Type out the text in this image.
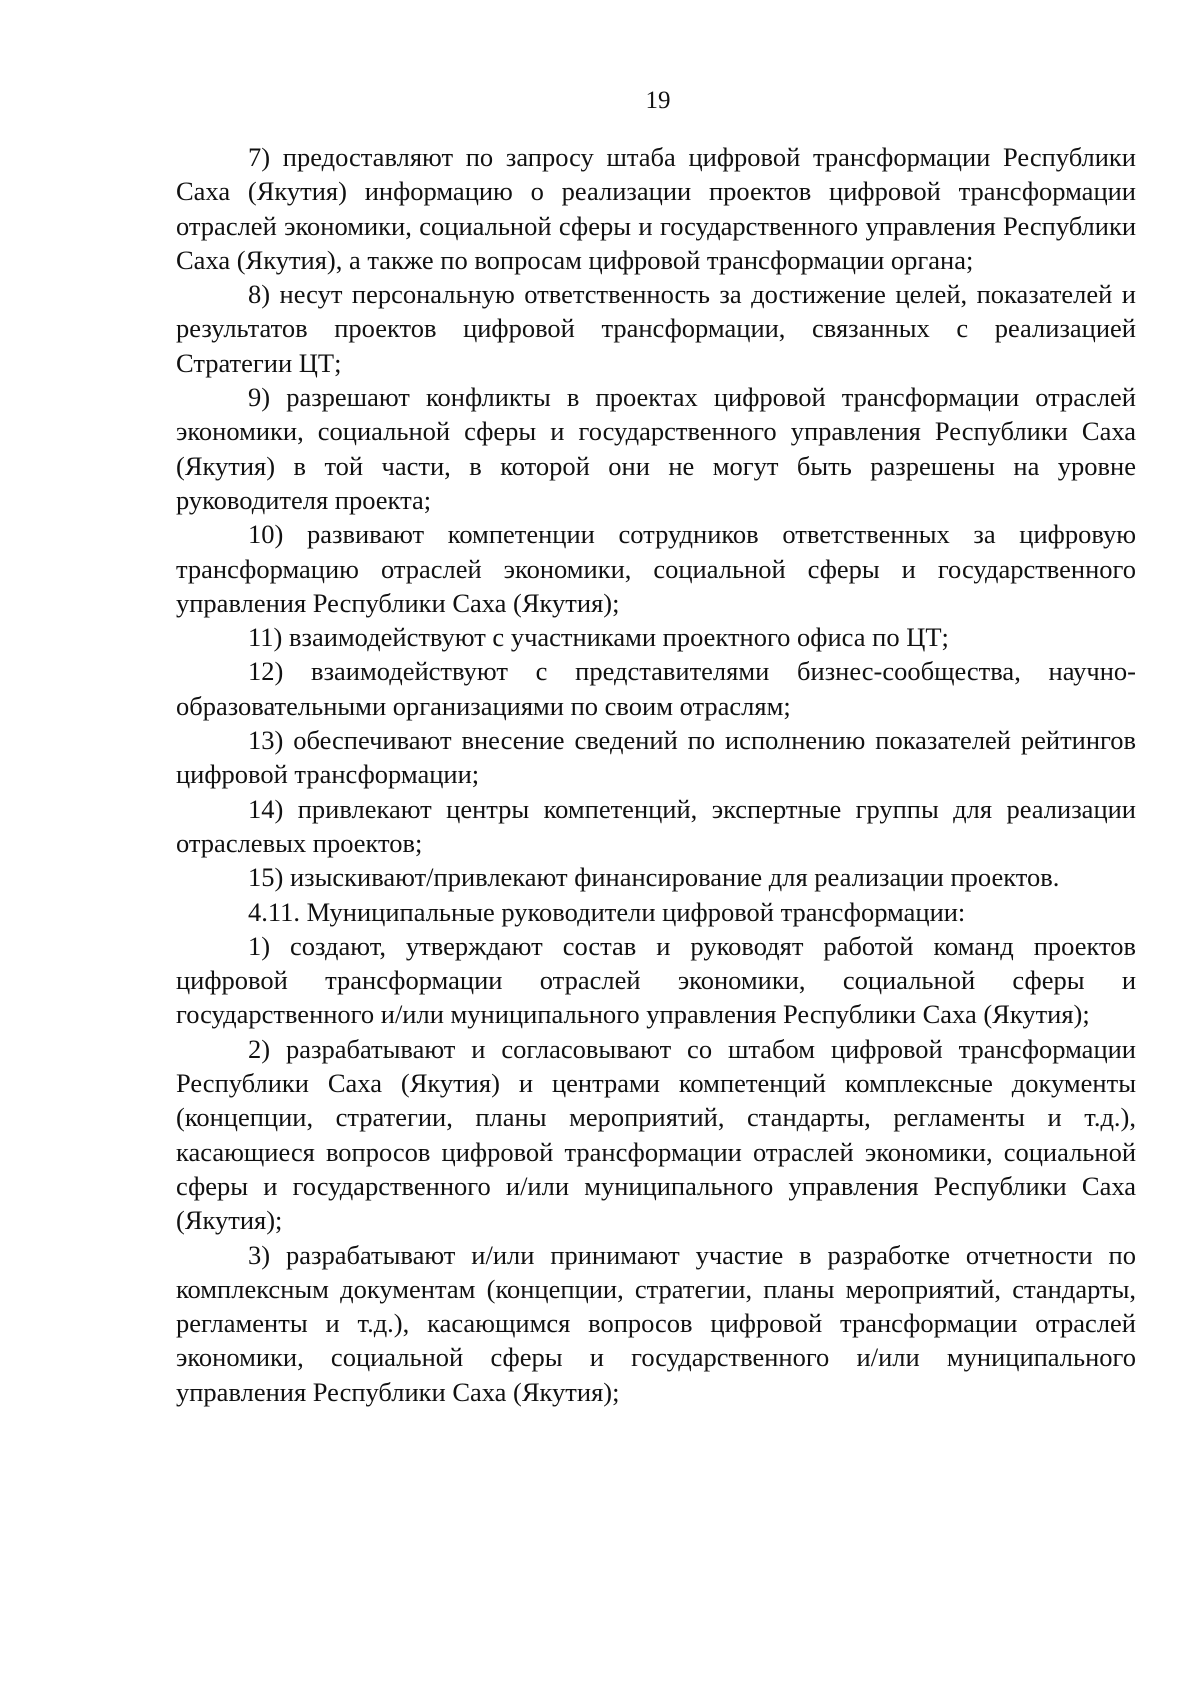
19

7) предоставляют по запросу штаба цифровой трансформации Республики Саха (Якутия) информацию о реализации проектов цифровой трансформации отраслей экономики, социальной сферы и государственного управления Республики Саха (Якутия), а также по вопросам цифровой трансформации органа;

8) несут персональную ответственность за достижение целей, показателей и результатов проектов цифровой трансформации, связанных с реализацией Стратегии ЦТ;

9) разрешают конфликты в проектах цифровой трансформации отраслей экономики, социальной сферы и государственного управления Республики Саха (Якутия) в той части, в которой они не могут быть разрешены на уровне руководителя проекта;

10) развивают компетенции сотрудников ответственных за цифровую трансформацию отраслей экономики, социальной сферы и государственного управления Республики Саха (Якутия);

11) взаимодействуют с участниками проектного офиса по ЦТ;

12) взаимодействуют с представителями бизнес-сообщества, научно-образовательными организациями по своим отраслям;

13) обеспечивают внесение сведений по исполнению показателей рейтингов цифровой трансформации;

14) привлекают центры компетенций, экспертные группы для реализации отраслевых проектов;

15) изыскивают/привлекают финансирование для реализации проектов.

4.11. Муниципальные руководители цифровой трансформации:

1) создают, утверждают состав и руководят работой команд проектов цифровой трансформации отраслей экономики, социальной сферы и государственного и/или муниципального управления Республики Саха (Якутия);

2) разрабатывают и согласовывают со штабом цифровой трансформации Республики Саха (Якутия) и центрами компетенций комплексные документы (концепции, стратегии, планы мероприятий, стандарты, регламенты и т.д.), касающиеся вопросов цифровой трансформации отраслей экономики, социальной сферы и государственного и/или муниципального управления Республики Саха (Якутия);

3) разрабатывают и/или принимают участие в разработке отчетности по комплексным документам (концепции, стратегии, планы мероприятий, стандарты, регламенты и т.д.), касающимся вопросов цифровой трансформации отраслей экономики, социальной сферы и государственного и/или муниципального управления Республики Саха (Якутия);
